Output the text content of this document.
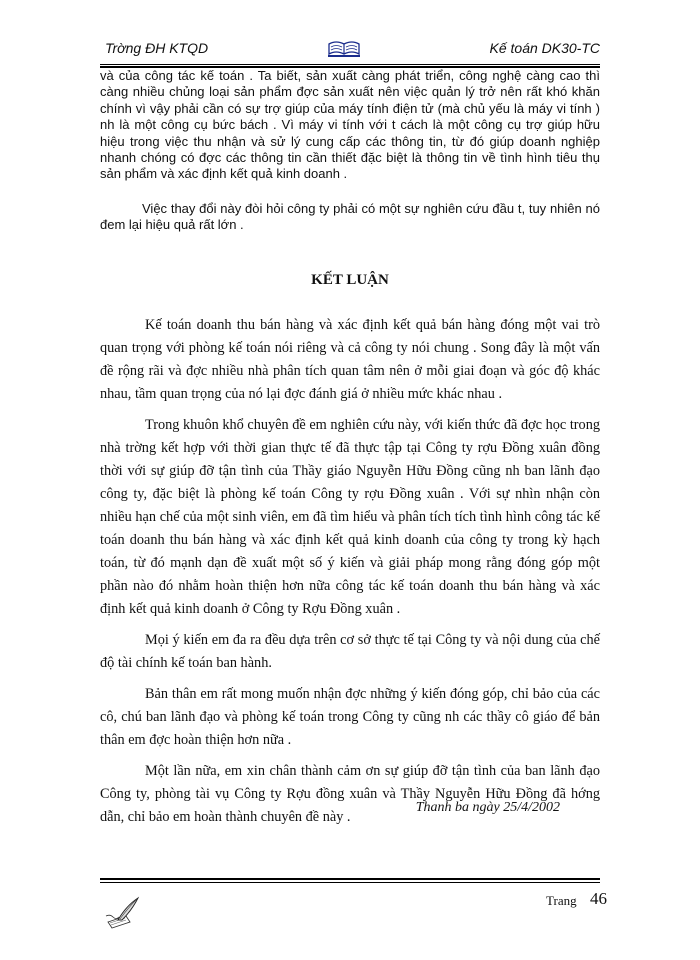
Trờng ĐH KTQD	Kế toán DK30-TC

và của công tác kế toán . Ta biết, sản xuất càng phát triển, công nghệ càng cao thì càng nhiều chủng loại sản phẩm đợc sản xuất nên việc quản lý trở nên rất khó khăn chính vì vậy phải cần có sự trợ giúp của máy tính điện tử (mà chủ yếu là máy vi tính ) nh là một công cụ bức bách . Vì máy vi tính với t cách là một công cụ trợ giúp hữu hiệu trong việc thu nhận và sử lý cung cấp các thông tin, từ đó giúp doanh nghiệp nhanh chóng có đợc các thông tin cần thiết đặc biệt là thông tin về tình hình tiêu thụ sản phẩm và xác định kết quả kinh doanh .

Việc thay đổi này đòi hỏi công ty phải có một sự nghiên cứu đầu t, tuy nhiên nó đem lại hiệu quả rất lớn .

KẾT LUẬN

Kế toán doanh thu bán hàng và xác định kết quả bán hàng đóng một vai trò quan trọng với phòng kế toán nói riêng và cả công ty nói chung . Song đây là một vấn đề rộng rãi và đợc nhiều nhà phân tích quan tâm nên ở mỗi giai đoạn và góc độ khác nhau, tầm quan trọng của nó lại đợc đánh giá ở nhiều mức khác nhau .

Trong khuôn khổ chuyên đề em nghiên cứu này, với kiến thức đã đợc học trong nhà trờng kết hợp với thời gian thực tế đã thực tập tại Công ty rợu Đồng xuân đồng thời với sự giúp đỡ tận tình của Thầy giáo Nguyễn Hữu Đồng cũng nh ban lãnh đạo công ty, đặc biệt là phòng kế toán Công ty rợu Đồng xuân . Với sự nhìn nhận còn nhiều hạn chế của một sinh viên, em đã tìm hiểu và phân tích tích tình hình công tác kế toán doanh thu bán hàng và xác định kết quả kinh doanh của công ty trong kỳ hạch toán, từ đó mạnh dạn đề xuất một số ý kiến và giải pháp mong rằng đóng góp một phần nào đó nhằm hoàn thiện hơn nữa công tác kế toán doanh thu bán hàng và xác định kết quả kinh doanh ở Công ty Rợu Đồng xuân .

Mọi ý kiến em đa ra đều dựa trên cơ sở thực tế tại Công ty và nội dung của chế độ tài chính kế toán ban hành.

Bản thân em rất mong muốn nhận đợc những ý kiến đóng góp, chỉ bảo của các cô, chú ban lãnh đạo và phòng kế toán trong Công ty cũng nh các thầy cô giáo để bản thân em đợc hoàn thiện hơn nữa .

Một lần nữa, em xin chân thành cảm ơn sự giúp đỡ tận tình của ban lãnh đạo Công ty, phòng tài vụ Công ty Rợu đồng xuân và Thầy Nguyễn Hữu Đồng đã hớng dẫn, chỉ bảo em hoàn thành chuyên đề này .

Thanh ba ngày 25/4/2002
Trang 46
